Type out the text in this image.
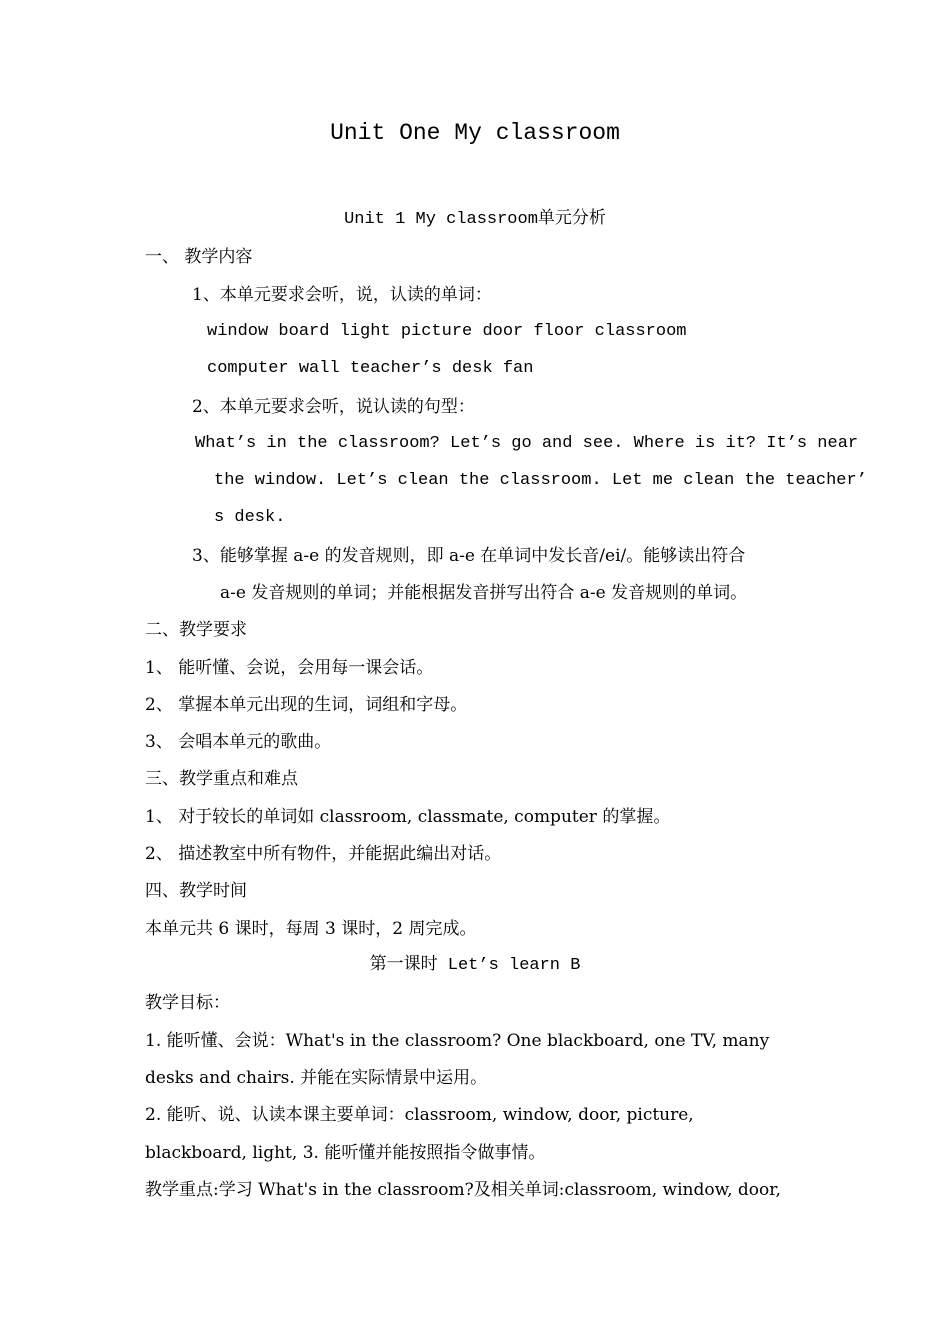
Unit One My classroom
Unit 1 My classroom单元分析
一、 教学内容
1、本单元要求会听，说，认读的单词：
window board light picture door floor classroom
computer wall teacher’s desk fan
2、本单元要求会听，说认读的句型：
What’s in the classroom? Let’s go and see. Where is it? It’s near
the window. Let’s clean the classroom. Let me clean the teacher’
s desk.
3、能够掌握 a-e 的发音规则，即 a-e 在单词中发长音/ei/。能够读出符合
a-e 发音规则的单词；并能根据发音拼写出符合 a-e 发音规则的单词。
二、教学要求
1、 能听懂、会说，会用每一课会话。
2、 掌握本单元出现的生词，词组和字母。
3、 会唱本单元的歌曲。
三、教学重点和难点
1、 对于较长的单词如 classroom, classmate, computer 的掌握。
2、 描述教室中所有物件，并能据此编出对话。
四、教学时间
本单元共 6 课时，每周 3 课时，2 周完成。
第一课时 Let’s learn B
教学目标：
1. 能听懂、会说：What's in the classroom? One blackboard, one TV, many
desks and chairs. 并能在实际情景中运用。
2. 能听、说、认读本课主要单词：classroom, window, door, picture,
blackboard, light, 3. 能听懂并能按照指令做事情。
教学重点:学习 What's in the classroom?及相关单词:classroom, window, door,
